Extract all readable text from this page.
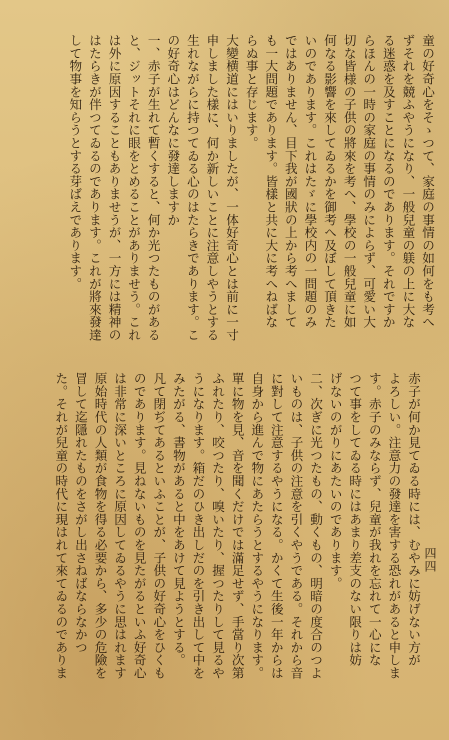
童の好奇心をそゝつて、家庭の事情の如何をも考へ
ずそれを競ふやうになり、一般兒童の躾の上に大な
る迷惑を及すことになるのであります。それですか
らほんの一時の家庭の事情のみによらず、可愛い大
切な皆様の子供の將來を考へ、學校の一般兒童に如
何なる影響を來してゐるかを御考へ及ぼして頂きた
いのであります。これはたゞに學校内の一問題のみ
ではありません、目下我が國狀の上から考へまして
も一大問題であります。皆樣と共に大に考へねばな
らぬ事と存じます。
大變横道にはいりましたが、一体好奇心とは前に一寸
申しました樣に、何か新しいことに注意しやうとする
生れながらに持つてゐる心のはたらきであります。こ
の好奇心はどんなに發達しますか
一、赤子が生れて暫くすると、何か光つたものがある
と、ジットそれに眼をとめることがありませう。これ
は外に原因することもありませうが、一方には精神の
はたらきが伴つてゐるのであります。これが將來發達
して物事を知らうとする芽ばえであります。
赤子が何か見てゐる時には、むやみに妨げない方が
よろしい。注意力の發達を害する恐れがあると申しま
す。赤子のみならず、兒童が我れを忘れて一心にな
つて事をしてゐる時にはあまり差支のない限りは妨
げないのがりにあたいのであります。
二、次ぎに光つたもの、動くもの、明暗の度合のつよ
いものは、子供の注意を引くやうである。それから音
に對して注意するやうになる。かくて生後一年からは
自身から進んで物にあたらうとするやうになります。
單に物を見、音を聞くだけでは滿足せず、手當り次第
ふれたり、咬つたり、嗅いたり、握つたりして見るや
うになります。箱だのひき出しだのを引き出して中を
みたがる、書物があると中をあけて見ようとする。
凡て閉ぢてあるといふことが、子供の好奇心をひくも
のであります。見ねないものを見たがるといふ好奇心
は非常に深いところに原因してゐるやうに思はれます
原始時代の人類が食物を得る必要から、多少の危險を
冒して迄隱れたものをさがし出さねばならなかつ
た。それが兒童の時代に現はれて來てゐるのでありま	四四
